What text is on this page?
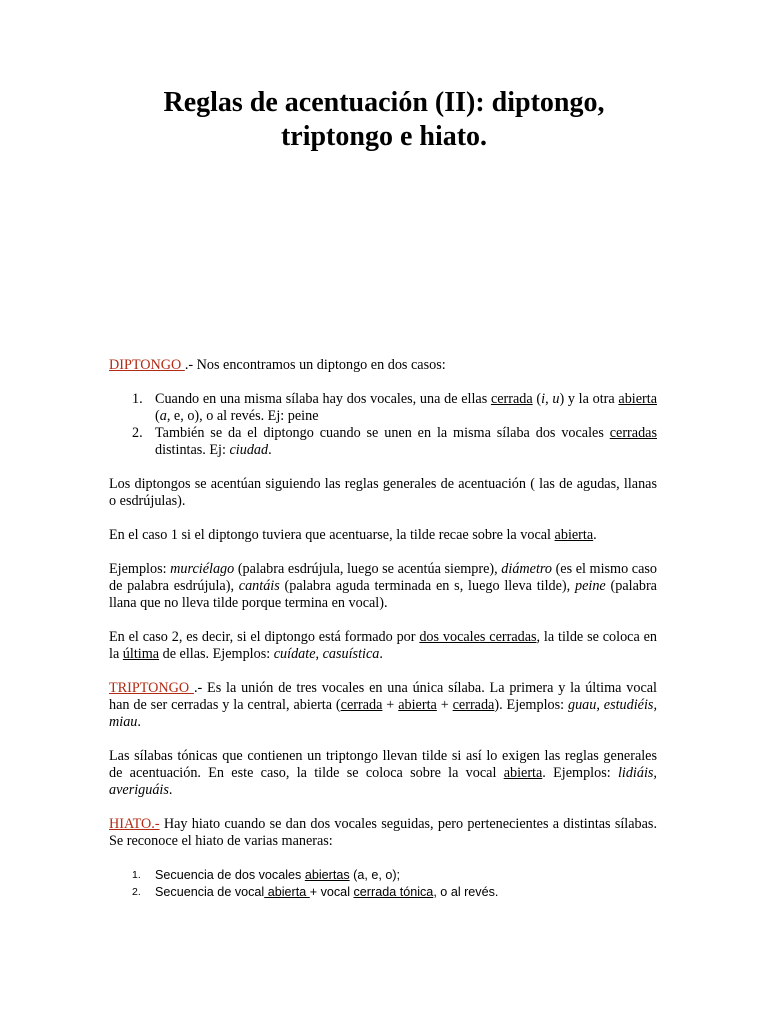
Reglas de acentuación (II): diptongo,
triptongo e hiato.

DIPTONGO .- Nos encontramos un diptongo en dos casos:

1. Cuando en una misma sílaba hay dos vocales, una de ellas cerrada (i, u) y la otra abierta (a, e, o), o al revés. Ej: peine
2. También se da el diptongo cuando se unen en la misma sílaba dos vocales cerradas distintas. Ej: ciudad.

Los diptongos se acentúan siguiendo las reglas generales de acentuación ( las de agudas, llanas o esdrújulas).

En el caso 1 si el diptongo tuviera que acentuarse, la tilde recae sobre la vocal abierta.

Ejemplos: murciélago (palabra esdrújula, luego se acentúa siempre), diámetro (es el mismo caso de palabra esdrújula), cantáis (palabra aguda terminada en s, luego lleva tilde), peine (palabra llana que no lleva tilde porque termina en vocal).

En el caso 2, es decir, si el diptongo está formado por dos vocales cerradas, la tilde se coloca en la última de ellas. Ejemplos: cuídate, casuística.

TRIPTONGO .- Es la unión de tres vocales en una única sílaba. La primera y la última vocal han de ser cerradas y la central, abierta (cerrada + abierta + cerrada). Ejemplos: guau, estudiéis, miau.

Las sílabas tónicas que contienen un triptongo llevan tilde si así lo exigen las reglas generales de acentuación. En este caso, la tilde se coloca sobre la vocal abierta. Ejemplos: lidiáis, averiguáis.

HIATO.- Hay hiato cuando se dan dos vocales seguidas, pero pertenecientes a distintas sílabas. Se reconoce el hiato de varias maneras:

1. Secuencia de dos vocales abiertas (a, e, o);
2. Secuencia de vocal abierta + vocal cerrada tónica, o al revés.
